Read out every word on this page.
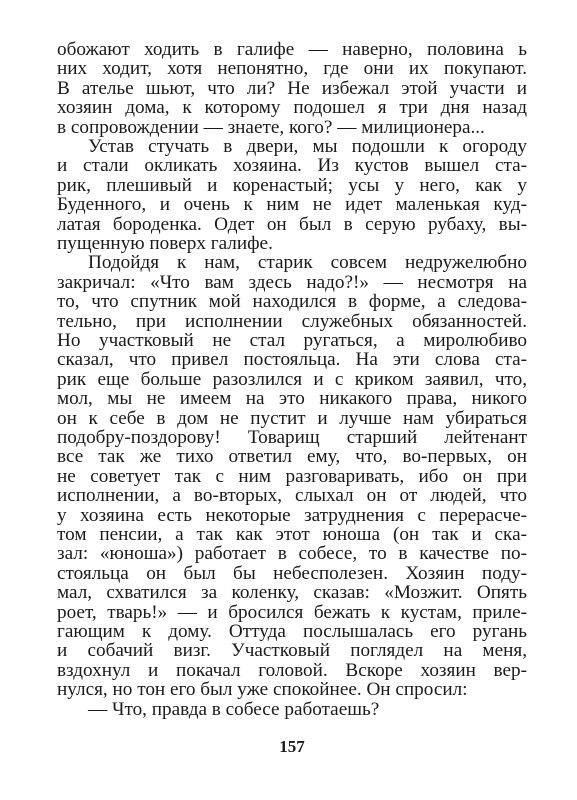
обожают ходить в галифе — наверно, половина ь
них ходит, хотя непонятно, где они их покупают.
В ателье шьют, что ли? Не избежал этой участи и
хозяин дома, к которому подошел я три дня назад
в сопровождении — знаете, кого? — милиционера...
Устав стучать в двери, мы подошли к огороду
и стали окликать хозяина. Из кустов вышел ста-
рик, плешивый и коренастый; усы у него, как у
Буденного, и очень к ним не идет маленькая куд-
латая бороденка. Одет он был в серую рубаху, вы-
пущенную поверх галифе.
Подойдя к нам, старик совсем недружелюбно
закричал: «Что вам здесь надо?!» — несмотря на
то, что спутник мой находился в форме, а следова-
тельно, при исполнении служебных обязанностей.
Но участковый не стал ругаться, а миролюбиво
сказал, что привел постояльца. На эти слова ста-
рик еще больше разозлился и с криком заявил, что,
мол, мы не имеем на это никакого права, никого
он к себе в дом не пустит и лучше нам убираться
подобру-поздорову! Товарищ старший лейтенант
все так же тихо ответил ему, что, во-первых, он
не советует так с ним разговаривать, ибо он при
исполнении, а во-вторых, слыхал он от людей, что
у хозяина есть некоторые затруднения с перерасче-
том пенсии, а так как этот юноша (он так и ска-
зал: «юноша») работает в собесе, то в качестве по-
стояльца он был бы небесполезен. Хозяин поду-
мал, схватился за коленку, сказав: «Мозжит. Опять
роет, тварь!» — и бросился бежать к кустам, приле-
гающим к дому. Оттуда послышалась его ругань
и собачий визг. Участковый поглядел на меня,
вздохнул и покачал головой. Вскоре хозяин вер-
нулся, но тон его был уже спокойнее. Он спросил:
— Что, правда в собесе работаешь?
157
